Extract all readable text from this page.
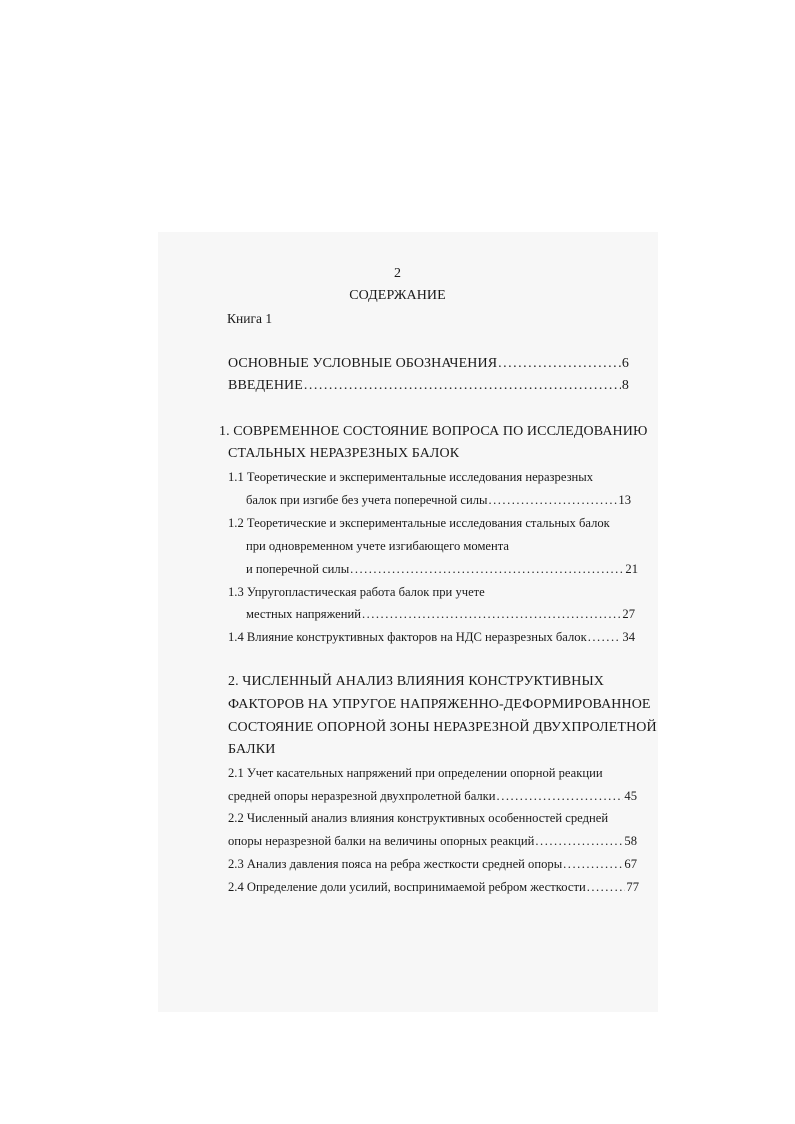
2
СОДЕРЖАНИЕ
Книга 1
ОСНОВНЫЕ УСЛОВНЫЕ ОБОЗНАЧЕНИЯ .....	6
ВВЕДЕНИЕ .....	8
1. СОВРЕМЕННОЕ СОСТОЯНИЕ ВОПРОСА ПО ИССЛЕДОВАНИЮ
СТАЛЬНЫХ НЕРАЗРЕЗНЫХ БАЛОК
1.1 Теоретические и экспериментальные исследования неразрезных
балок при изгибе без учета поперечной силы .....	13
1.2 Теоретические и экспериментальные исследования стальных балок
при одновременном учете изгибающего момента
и поперечной силы .....	21
1.3 Упругопластическая работа балок при учете
местных напряжений .....	27
1.4 Влияние конструктивных факторов на НДС неразрезных балок .....	34
2. ЧИСЛЕННЫЙ АНАЛИЗ ВЛИЯНИЯ КОНСТРУКТИВНЫХ
ФАКТОРОВ НА УПРУГОЕ НАПРЯЖЕННО-ДЕФОРМИРОВАННОЕ
СОСТОЯНИЕ ОПОРНОЙ ЗОНЫ НЕРАЗРЕЗНОЙ ДВУХПРОЛЕТНОЙ
БАЛКИ
2.1 Учет касательных напряжений при определении опорной реакции
средней опоры неразрезной двухпролетной балки .....	45
2.2 Численный анализ влияния конструктивных особенностей средней
опоры неразрезной балки на величины опорных реакций .....	58
2.3 Анализ давления пояса на ребра жесткости средней опоры .....	67
2.4 Определение доли усилий, воспринимаемой ребром жесткости .....	77
